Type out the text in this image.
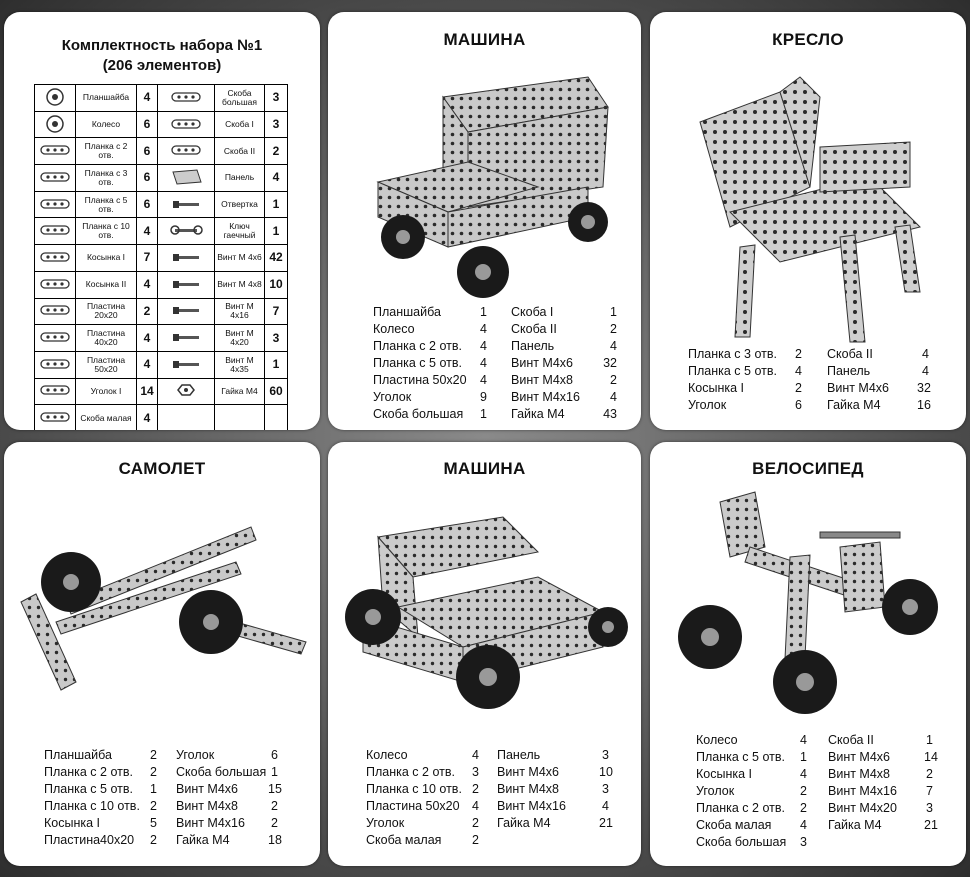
Комплектность набора №1
(206 элементов)
	Планшайба	4		Скоба большая	3
	Колесо	6		Скоба I	3
	Планка с 2 отв.	6		Скоба II	2
	Планка с 3 отв.	6		Панель	4
	Планка с 5 отв.	6		Отвертка	1
	Планка с 10 отв.	4		Ключ гаечный	1
	Косынка I	7		Винт М 4х6	42
	Косынка II	4		Винт М 4х8	10
	Пластина 20х20	2		Винт М 4х16	7
	Пластина 40х20	4		Винт М 4х20	3
	Пластина 50х20	4		Винт М 4х35	1
	Уголок I	14		Гайка М4	60
	Скоба малая	4			
МАШИНА
Планшайба	1
Колесо	4
Планка с 2 отв.	4
Планка с 5 отв.	4
Пластина 50х20	4
Уголок	9
Скоба большая	1
Скоба I	1
Скоба II	2
Панель	4
Винт М4х6	32
Винт М4х8	2
Винт М4х16	4
Гайка М4	43
КРЕСЛО
Планка с 3 отв.	2
Планка с 5 отв.	4
Косынка I	2
Уголок	6
Скоба II	4
Панель	4
Винт М4х6	32
Гайка М4	16
САМОЛЕТ
Планшайба	2
Планка с 2 отв.	2
Планка с 5 отв.	1
Планка с 10 отв. 2
Косынка I	5
Пластина40х20	2
Уголок	6
Скоба большая 1
Винт М4х6	15
Винт М4х8	2
Винт М4х16	2
Гайка М4	18
МАШИНА
Колесо	4
Планка с 2 отв.	3
Планка с 10 отв. 2
Пластина 50х20 4
Уголок	2
Скоба малая	2
Панель	3
Винт М4х6	10
Винт М4х8	3
Винт М4х16	4
Гайка М4	21
ВЕЛОСИПЕД
Колесо	4
Планка с 5 отв.	1
Косынка I	4
Уголок	2
Планка с 2 отв.	2
Скоба малая	4
Скоба большая	3
Скоба II	1
Винт М4х6	14
Винт М4х8	2
Винт М4х16	7
Винт М4х20	3
Гайка М4	21
